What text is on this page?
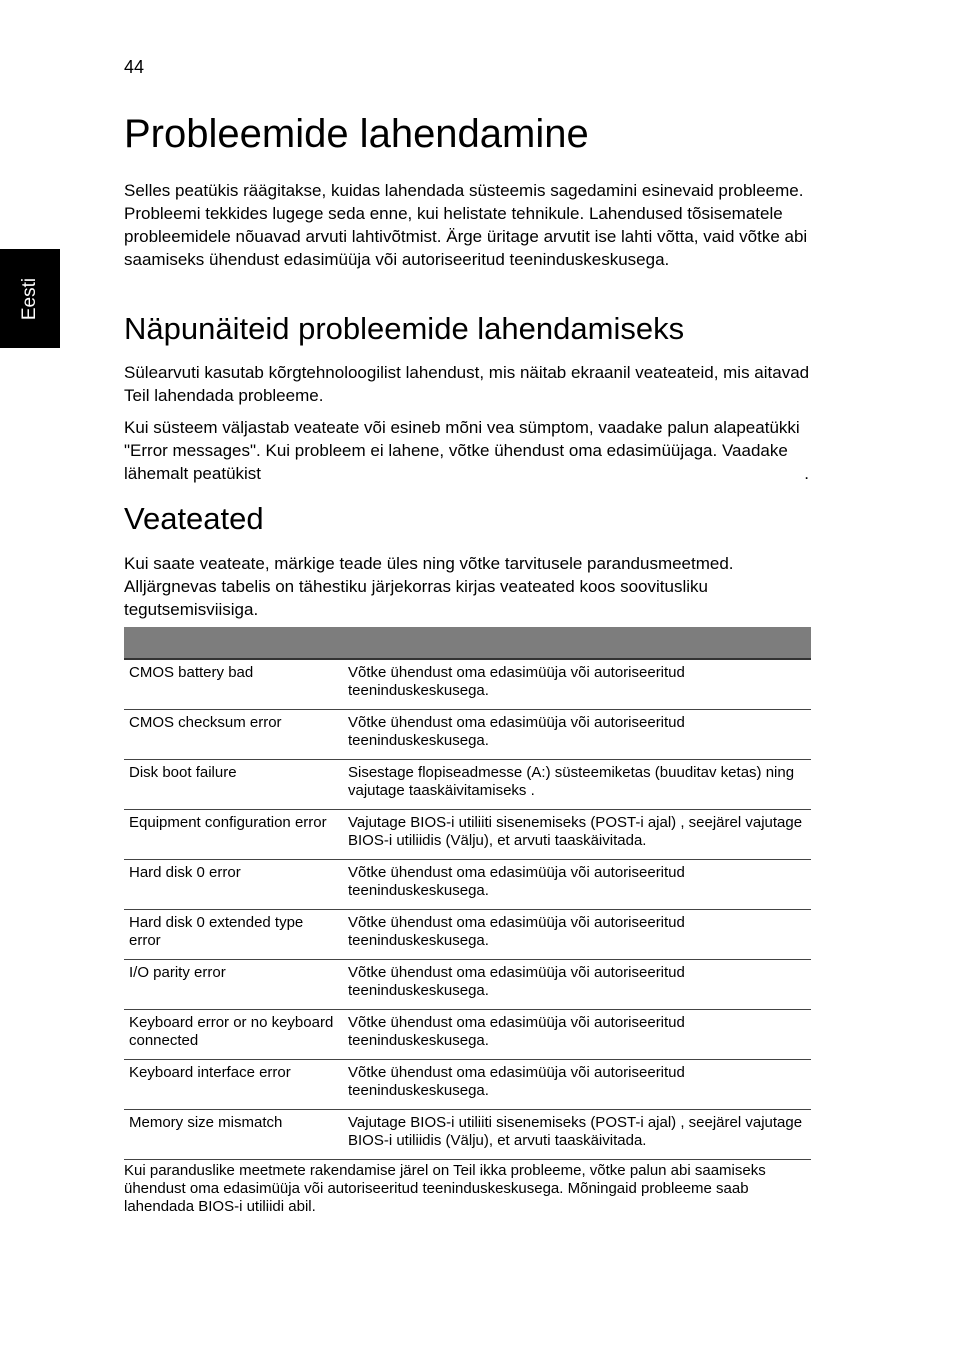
44
Eesti
Probleemide lahendamine

Selles peatükis räägitakse, kuidas lahendada süsteemis sagedamini esinevaid probleeme. Probleemi tekkides lugege seda enne, kui helistate tehnikule. Lahendused tõsisematele probleemidele nõuavad arvuti lahtivõtmist. Ärge üritage arvutit ise lahti võtta, vaid võtke abi saamiseks ühendust edasimüüja või autoriseeritud teeninduskeskusega.

Näpunäiteid probleemide lahendamiseks

Sülearvuti kasutab kõrgtehnoloogilist lahendust, mis näitab ekraanil veateateid, mis aitavad Teil lahendada probleeme.

Kui süsteem väljastab veateate või esineb mõni vea sümptom, vaadake palun alapeatükki "Error messages". Kui probleem ei lahene, võtke ühendust oma edasimüüjaga. Vaadake lähemalt peatükist	.

Veateated

Kui saate veateate, märkige teade üles ning võtke tarvitusele parandusmeetmed. Alljärgnevas tabelis on tähestiku järjekorras kirjas veateated koos soovitusliku tegutsemisviisiga.

CMOS battery bad	Võtke ühendust oma edasimüüja või autoriseeritud teeninduskeskusega.
CMOS checksum error	Võtke ühendust oma edasimüüja või autoriseeritud teeninduskeskusega.
Disk boot failure	Sisestage flopiseadmesse (A:) süsteemiketas (buuditav ketas) ning vajutage taaskäivitamiseks .
Equipment configuration error	Vajutage BIOS-i utiliiti sisenemiseks (POST-i ajal) , seejärel vajutage BIOS-i utiliidis (Välju), et arvuti taaskäivitada.
Hard disk 0 error	Võtke ühendust oma edasimüüja või autoriseeritud teeninduskeskusega.
Hard disk 0 extended type error	Võtke ühendust oma edasimüüja või autoriseeritud teeninduskeskusega.
I/O parity error	Võtke ühendust oma edasimüüja või autoriseeritud teeninduskeskusega.
Keyboard error or no keyboard connected	Võtke ühendust oma edasimüüja või autoriseeritud teeninduskeskusega.
Keyboard interface error	Võtke ühendust oma edasimüüja või autoriseeritud teeninduskeskusega.
Memory size mismatch	Vajutage BIOS-i utiliiti sisenemiseks (POST-i ajal) , seejärel vajutage BIOS-i utiliidis (Välju), et arvuti taaskäivitada.

Kui paranduslike meetmete rakendamise järel on Teil ikka probleeme, võtke palun abi saamiseks ühendust oma edasimüüja või autoriseeritud teeninduskeskusega. Mõningaid probleeme saab lahendada BIOS-i utiliidi abil.
